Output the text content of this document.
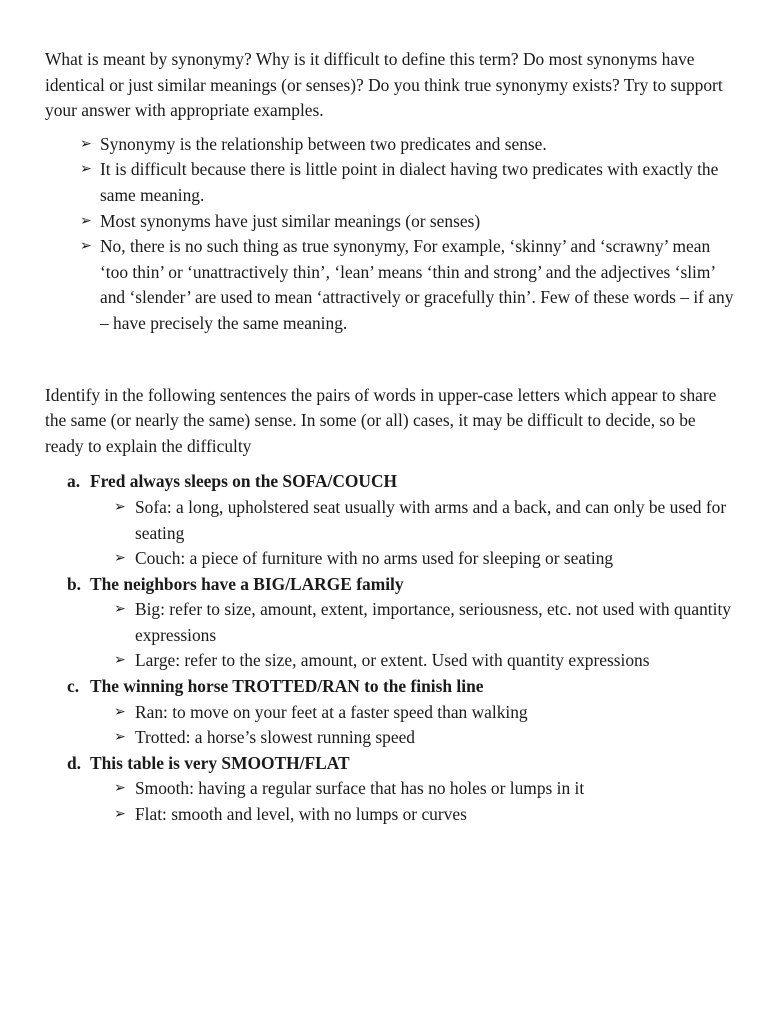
What is meant by synonymy? Why is it difficult to define this term? Do most synonyms have identical or just similar meanings (or senses)? Do you think true synonymy exists? Try to support your answer with appropriate examples.

➢ Synonymy is the relationship between two predicates and sense.
➢ It is difficult because there is little point in dialect having two predicates with exactly the same meaning.
➢ Most synonyms have just similar meanings (or senses)
➢ No, there is no such thing as true synonymy, For example, ‘skinny’ and ‘scrawny’ mean ‘too thin’ or ‘unattractively thin’, ‘lean’ means ‘thin and strong’ and the adjectives ‘slim’ and ‘slender’ are used to mean ‘attractively or gracefully thin’. Few of these words – if any – have precisely the same meaning.

Identify in the following sentences the pairs of words in upper-case letters which appear to share the same (or nearly the same) sense. In some (or all) cases, it may be difficult to decide, so be ready to explain the difficulty

a. Fred always sleeps on the SOFA/COUCH
➢ Sofa: a long, upholstered seat usually with arms and a back, and can only be used for seating
➢ Couch: a piece of furniture with no arms used for sleeping or seating
b. The neighbors have a BIG/LARGE family
➢ Big: refer to size, amount, extent, importance, seriousness, etc. not used with quantity expressions
➢ Large: refer to the size, amount, or extent. Used with quantity expressions
c. The winning horse TROTTED/RAN to the finish line
➢ Ran: to move on your feet at a faster speed than walking
➢ Trotted: a horse’s slowest running speed
d. This table is very SMOOTH/FLAT
➢ Smooth: having a regular surface that has no holes or lumps in it
➢ Flat: smooth and level, with no lumps or curves
